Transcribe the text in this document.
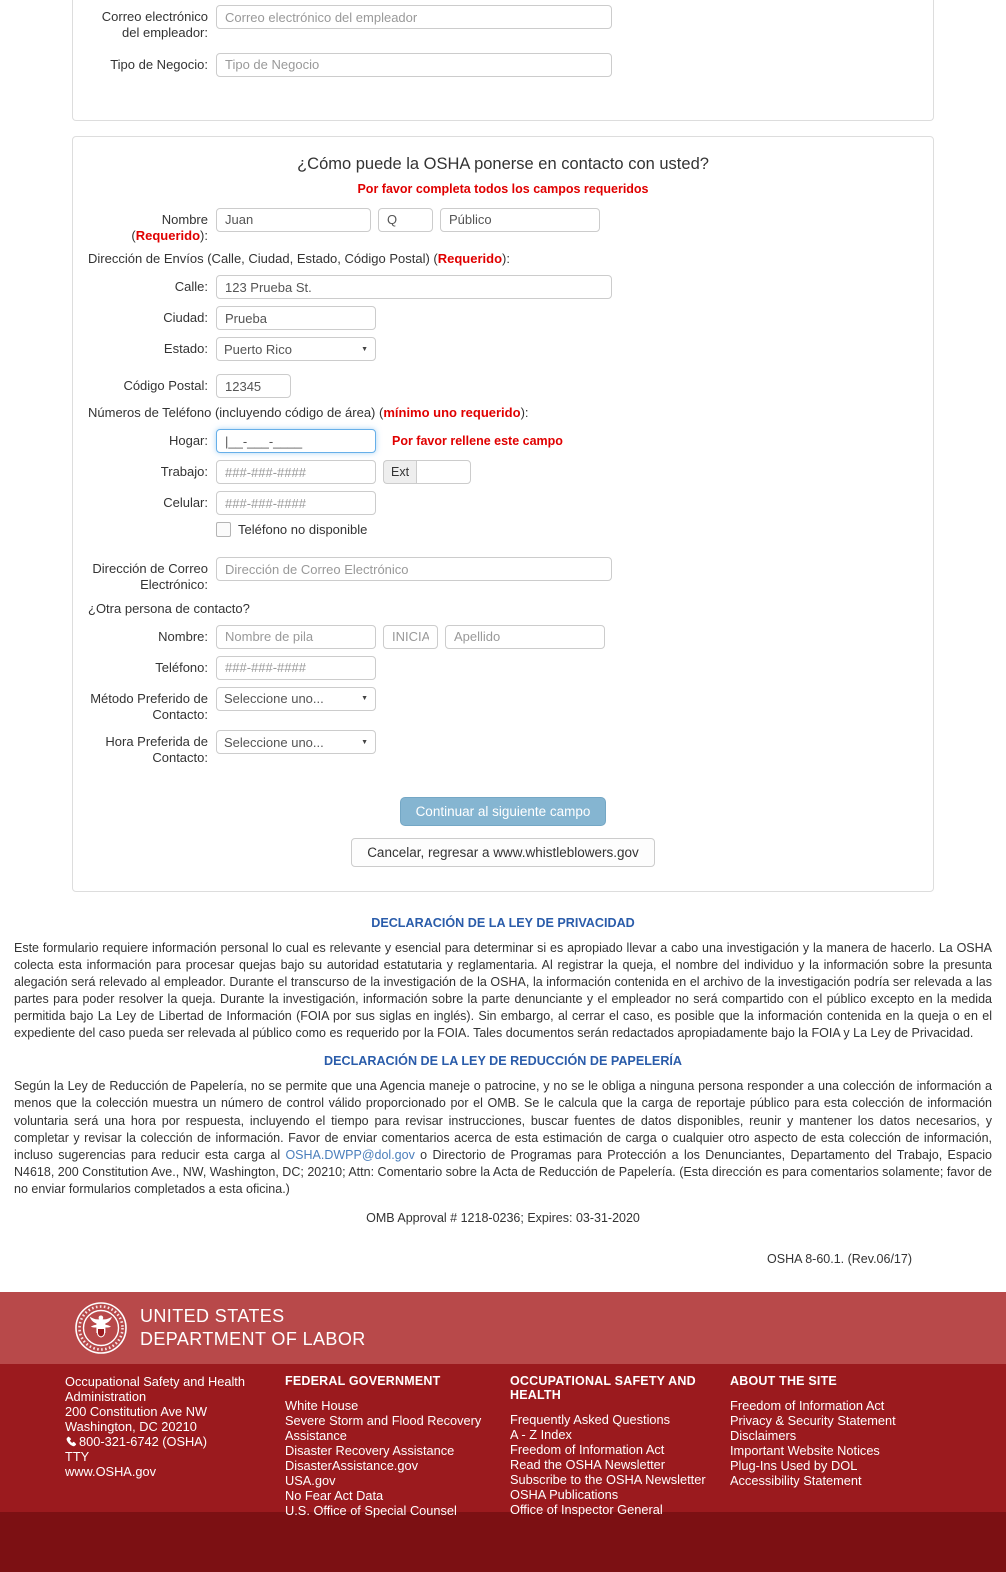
Correo electrónico del empleador:
Correo electrónico del empleador
Tipo de Negocio:
Tipo de Negocio
¿Cómo puede la OSHA ponerse en contacto con usted?
Por favor completa todos los campos requeridos
Nombre (Requerido):
Juan
Q
Público
Dirección de Envíos (Calle, Ciudad, Estado, Código Postal) (Requerido):
Calle:
123 Prueba St.
Ciudad:
Prueba
Estado:	Puerto Rico	▼
Código Postal:
12345
Números de Teléfono (incluyendo código de área) (mínimo uno requerido):
Hogar:
|__-___-____	Por favor rellene este campo
Trabajo:
###-###-####	Ext
Celular:
###-###-####
Teléfono no disponible
Dirección de Correo Electrónico:
Dirección de Correo Electrónico
¿Otra persona de contacto?
Nombre:
Nombre de pila
INICIAL
Apellido
Teléfono:
###-###-####
Método Preferido de Contacto:
Seleccione uno...	▼
Hora Preferida de Contacto:
Seleccione uno...	▼
Continuar al siguiente campo
Cancelar, regresar a www.whistleblowers.gov
DECLARACIÓN DE LA LEY DE PRIVACIDAD

Este formulario requiere información personal lo cual es relevante y esencial para determinar si es apropiado llevar a cabo una investigación y la manera de hacerlo. La OSHA colecta esta información para procesar quejas bajo su autoridad estatutaria y reglamentaria. Al registrar la queja, el nombre del individuo y la información sobre la presunta alegación será relevado al empleador. Durante el transcurso de la investigación de la OSHA, la información contenida en el archivo de la investigación podría ser relevada a las partes para poder resolver la queja. Durante la investigación, información sobre la parte denunciante y el empleador no será compartido con el público excepto en la medida permitida bajo La Ley de Libertad de Información (FOIA por sus siglas en inglés). Sin embargo, al cerrar el caso, es posible que la información contenida en la queja o en el expediente del caso pueda ser relevada al público como es requerido por la FOIA. Tales documentos serán redactados apropiadamente bajo la FOIA y La Ley de Privacidad.

DECLARACIÓN DE LA LEY DE REDUCCIÓN DE PAPELERÍA

Según la Ley de Reducción de Papelería, no se permite que una Agencia maneje o patrocine, y no se le obliga a ninguna persona responder a una colección de información a menos que la colección muestra un número de control válido proporcionado por el OMB. Se le calcula que la carga de reportaje público para esta colección de información voluntaria será una hora por respuesta, incluyendo el tiempo para revisar instrucciones, buscar fuentes de datos disponibles, reunir y mantener los datos necesarios, y completar y revisar la colección de información. Favor de enviar comentarios acerca de esta estimación de carga o cualquier otro aspecto de esta colección de información, incluso sugerencias para reducir esta carga al OSHA.DWPP@dol.gov o Directorio de Programas para Protección a los Denunciantes, Departamento del Trabajo, Espacio N4618, 200 Constitution Ave., NW, Washington, DC; 20210; Attn: Comentario sobre la Acta de Reducción de Papelería. (Esta dirección es para comentarios solamente; favor de no enviar formularios completados a esta oficina.)

OMB Approval # 1218-0236; Expires: 03-31-2020
OSHA 8-60.1. (Rev.06/17)
UNITED STATES
DEPARTMENT OF LABOR
Occupational Safety and Health Administration
200 Constitution Ave NW
Washington, DC 20210
800-321-6742 (OSHA)
TTY
www.OSHA.gov
FEDERAL GOVERNMENT
White House
Severe Storm and Flood Recovery Assistance
Disaster Recovery Assistance
DisasterAssistance.gov
USA.gov
No Fear Act Data
U.S. Office of Special Counsel
OCCUPATIONAL SAFETY AND HEALTH
Frequently Asked Questions
A - Z Index
Freedom of Information Act
Read the OSHA Newsletter
Subscribe to the OSHA Newsletter
OSHA Publications
Office of Inspector General
ABOUT THE SITE
Freedom of Information Act
Privacy & Security Statement
Disclaimers
Important Website Notices
Plug-Ins Used by DOL
Accessibility Statement
